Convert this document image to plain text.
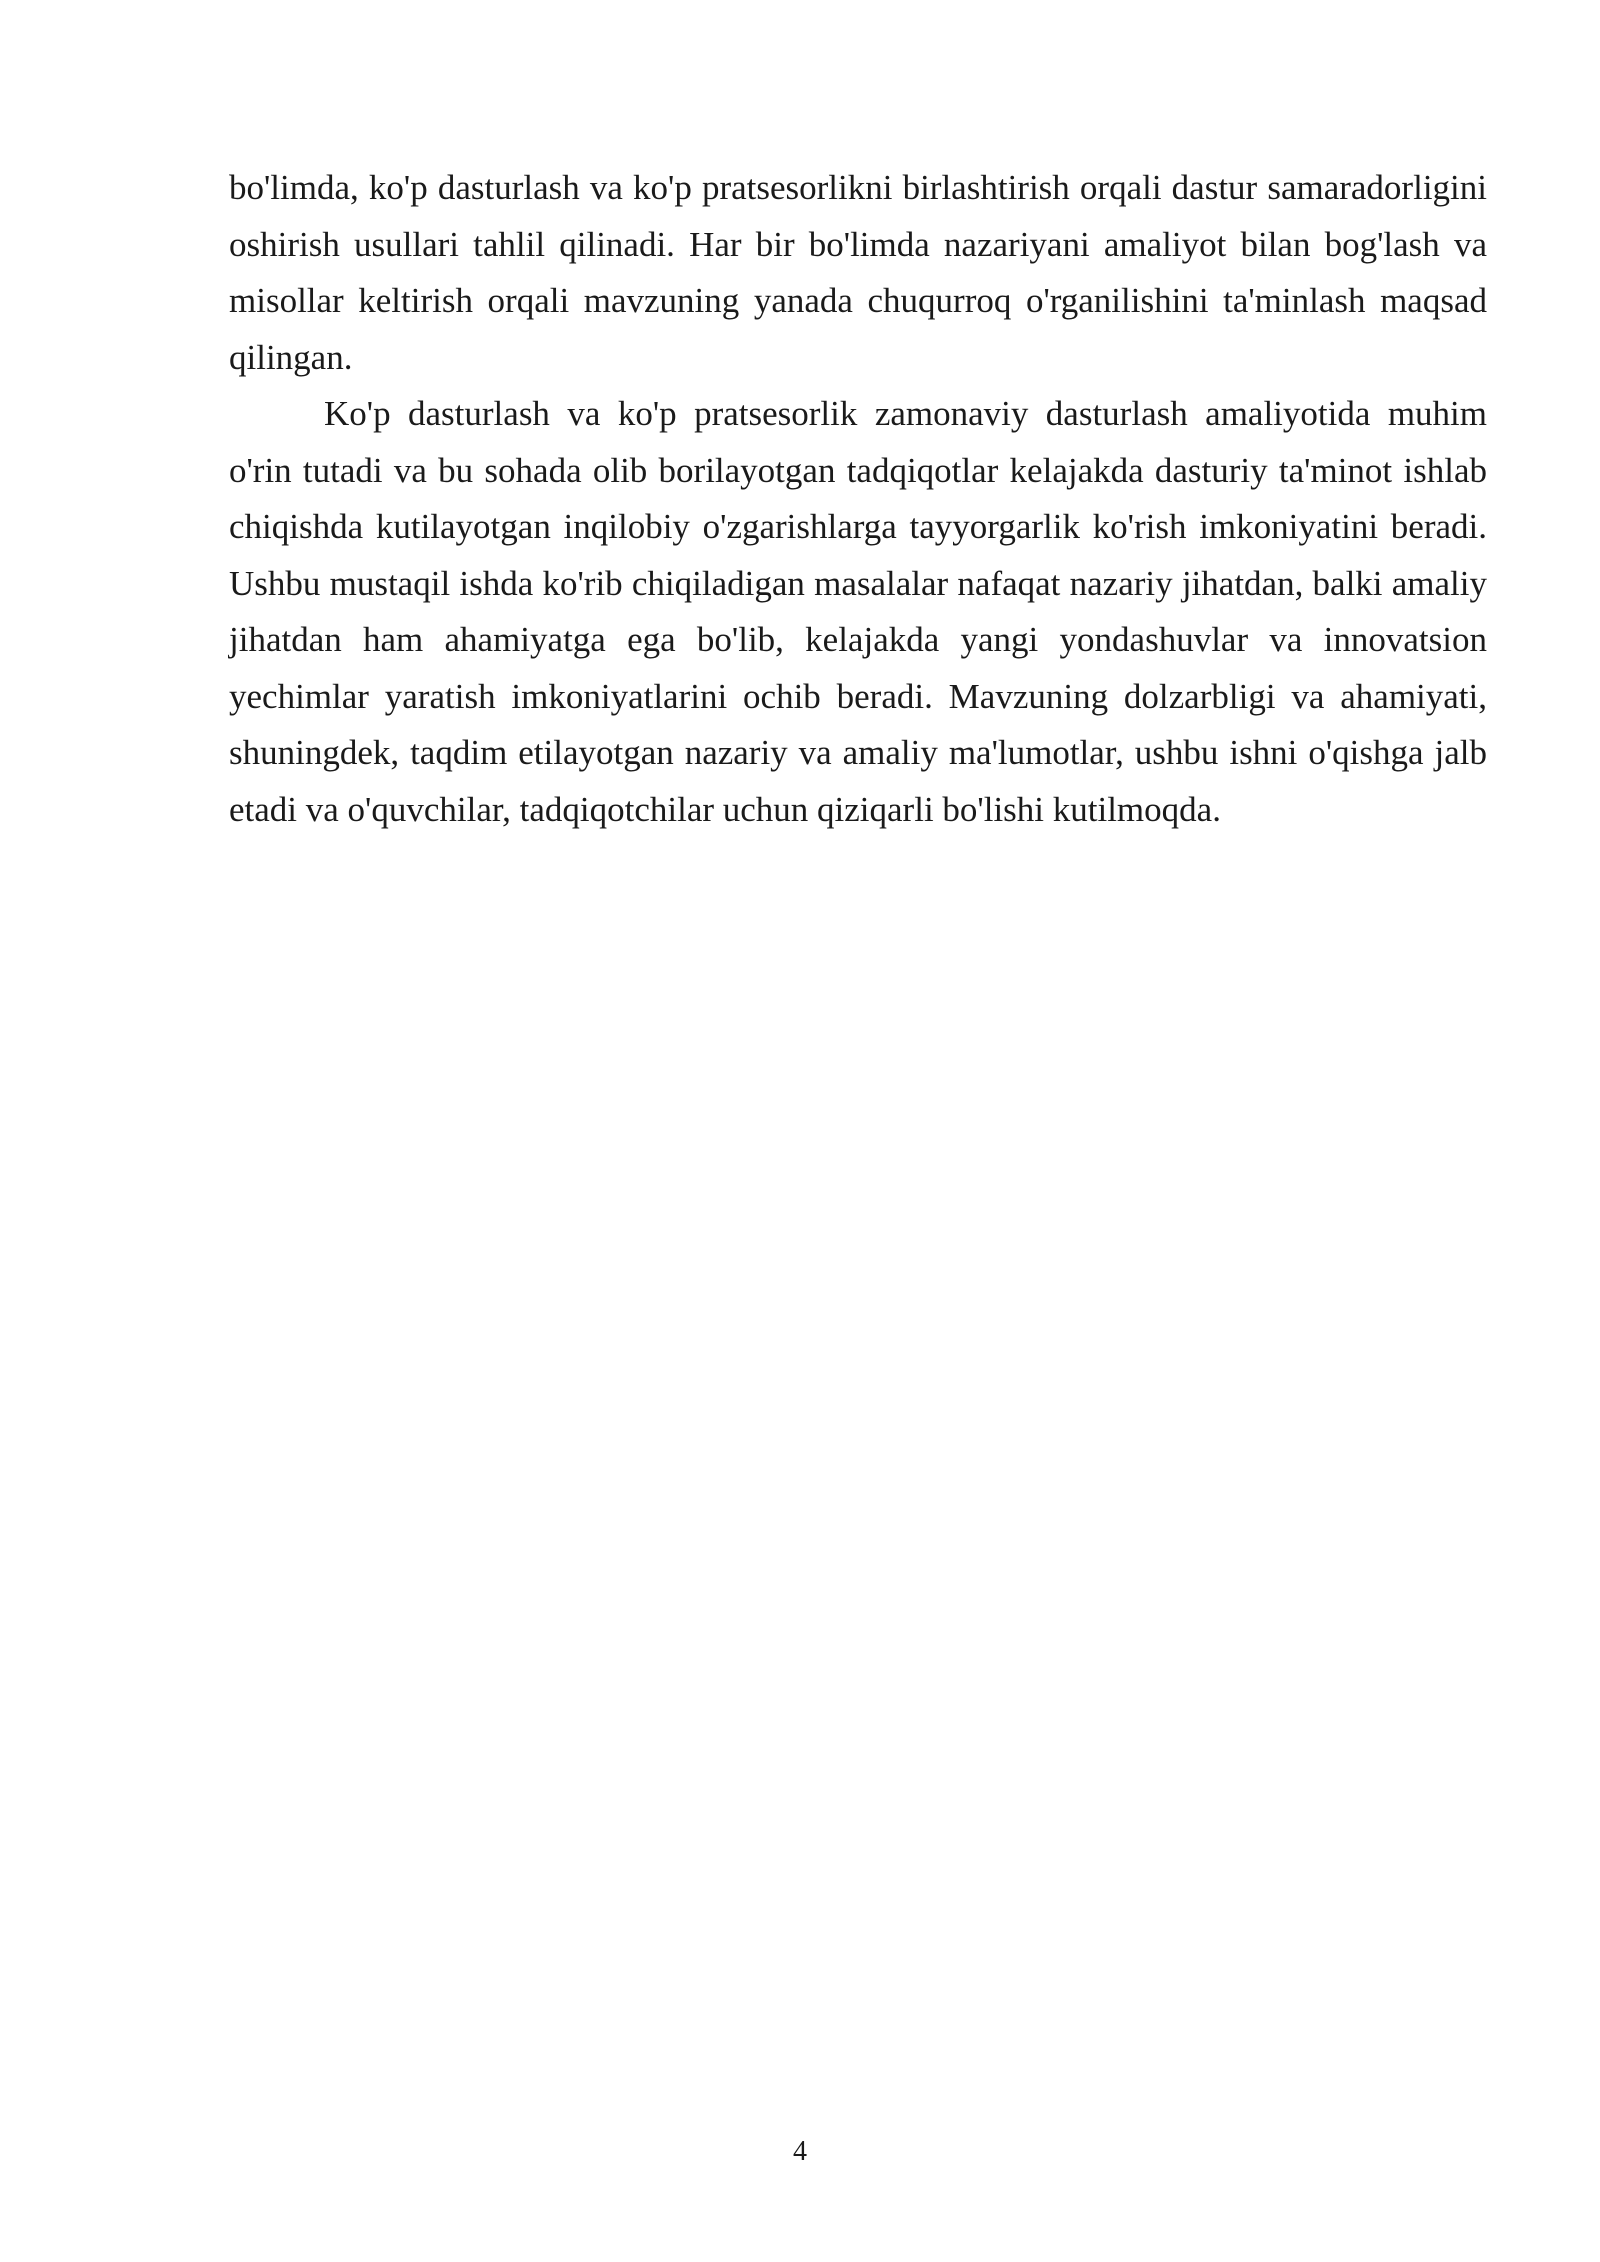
bo'limda, ko'p dasturlash va ko'p pratsesorlikni birlashtirish orqali dastur samaradorligini oshirish usullari tahlil qilinadi. Har bir bo'limda nazariyani amaliyot bilan bog'lash va misollar keltirish orqali mavzuning yanada chuqurroq o'rganilishini ta'minlash maqsad qilingan.

Ko'p dasturlash va ko'p pratsesorlik zamonaviy dasturlash amaliyotida muhim o'rin tutadi va bu sohada olib borilayotgan tadqiqotlar kelajakda dasturiy ta'minot ishlab chiqishda kutilayotgan inqilobiy o'zgarishlarga tayyorgarlik ko'rish imkoniyatini beradi. Ushbu mustaqil ishda ko'rib chiqiladigan masalalar nafaqat nazariy jihatdan, balki amaliy jihatdan ham ahamiyatga ega bo'lib, kelajakda yangi yondashuvlar va innovatsion yechimlar yaratish imkoniyatlarini ochib beradi. Mavzuning dolzarbligi va ahamiyati, shuningdek, taqdim etilayotgan nazariy va amaliy ma'lumotlar, ushbu ishni o'qishga jalb etadi va o'quvchilar, tadqiqotchilar uchun qiziqarli bo'lishi kutilmoqda.

4
